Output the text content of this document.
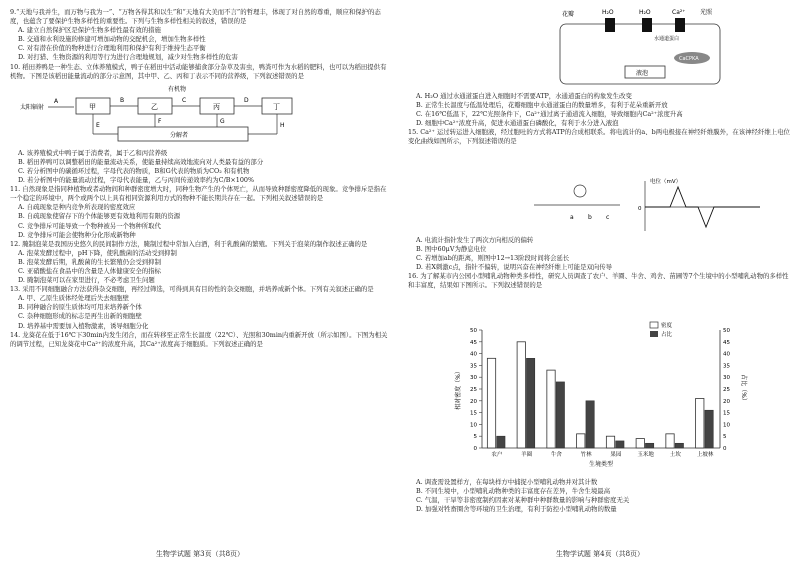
9.“天地与我并生，而万物与我为一”、“万物各得其和以生”和“天地有大美而不言”的哲理丰，体现了对自然的尊重，顺应和保护的态度，也蕴含了要保护生物多样性的重要性。下列与生物多样性相关的叙述，错误的是

A. 建立自然保护区是保护生物多样性最有效的措施
B. 交通和水利设施的修建可增加动物的交配机会，增加生物多样性
C. 对有潜在价值的物种进行合理地利用和保护有利于维持生态平衡
D. 对打猎、生物资源的利用等行为进行合理地规划，减少对生物多样性的危害

10. 稻田养鸭是一种生态、立体养殖模式，鸭子在稻田中活动能够捕食部分杂草及害虫，鸭粪可作为水稻的肥料，也可以为稻田提供有机物。下图是该稻田能量流动的部分示意图，其中甲、乙、丙和丁表示不同的营养级，下列叙述错误的是

太阳辐射
A
甲
B
乙
C
丙
D
丁
有机物
分解者
E
F	G
H
A. 该养殖模式中鸭子属于消费者，属于乙和丙营养级
B. 稻田养鸭可以调整稻田的能量流动关系，使能量持续高效地流向对人类最有益的部分
C. 若分析图中的碳循环过程，字母代表的物质，B和G代表的物质为CO₂ 和有机物
D. 若分析图中的能量流动过程，字母代表能量，乙与丙间传递效率约为C/B×100%

11. 自然现象是指同种植物或者动物间和种群密度增大时，同种生物产生的个体死亡，从而导致种群密度降低的现象。竞争排斥是指在一个稳定的环境中，两个或两个以上具有相同资源利用方式的物种不能长期共存在一起。下列相关叙述错误的是

A. 自疏现象是种内竞争所表现的密度效应
B. 自疏现象使留存下的个体能够更有效地利用有限的资源
C. 竞争排斥可能导致一个物种被另一个物种所取代
D. 竞争排斥可能会使物种分化形成新物种

12. 腌制泡菜是我国历史悠久的民间制作方法，腌制过程中常加入白酒，利于乳酸菌的繁殖。下列关于泡菜的制作叙述正确的是

A. 泡菜发酵过程中，pH下降，使乳酸菌的活动受到抑制
B. 泡菜发酵后期，乳酸菌的生长繁殖仍会受到抑制
C. 亚硝酸盐在食品中的含量是人体健康安全的指标
D. 腌制泡菜可以在家里进行，不必考虑卫生问题

13. 采用不同细胞融合方法获得杂交细胞，再经过筛选，可得到具有目的性的杂交细胞，并培养成新个体。下列有关叙述正确的是

A. 甲、乙原生质体经处理后失去细胞壁
B. 同种融合的原生质体均可用来培养新个体
C. 杂种细胞形成的标志是再生出新的细胞壁
D. 培养基中需要加入植物激素，诱导细胞分化

14. 龙葵花在低于16℃下30min内发生闭合，而在转移至正常生长温度（22℃）、光照和30min内重新开放（所示如图）。下图为相关的调节过程，已知龙葵花中Ca²⁺的浓度升高，其Ca²⁺浓度高于细胞质。下列叙述正确的是

生物学试题 第3页（共8页）
花瓣	H₂O	H₂O	Ca²⁺
水通道蛋白
光照
CaCPKA
液泡
A. H₂O 通过水通道蛋白进入细胞时不需要ATP，水通道蛋白的构象发生改变
B. 正常生长温度与低温处理后，花瓣细胞中水通道蛋白的数量增多，有利于花朵重新开放
C. 在16℃低温下，22℃光照条件下，Ca²⁺通过离子通道流入细胞，导致细胞内Ca²⁺浓度升高
D. 细胞中Ca²⁺浓度升高，促进水通道蛋白磷酸化，有利于水分进入液泡

15. Ca²⁺ 运过转运进入细胞液，经过胞吐的方式将ATP的合成相联系。将电流计的a、b两电极接在神经纤维膜外，在该神经纤维上电位变化曲线如图所示，下列叙述错误的是

a b c
电位（mV）
0
A. 电流计指针发生了两次方向相反的偏转
B. 图中60μV为静息电位
C. 若增加ab的距离，则图中12→13阶段时间将会延长
D. 若X刺激c点，指针不偏转，说明兴奋在神经纤维上可能是双向传导

16. 为了解某市内公园小型哺乳动物种类多样性，研究人员调查了农户、羊圈、牛舍、鸡舍、苗圃等7个生境中的小型哺乳动物的多样性和丰富度，结果如下图所示。下列叙述错误的是

0	0
5	5
10	10
15	15
20	20
25	25
30	30
35	35
40	40
45	45
50	50
农户	羊圈	牛舍	竹林	果园	玉米地	土坎	上坡林
生境类型
相对密度（%）	占比（%）
密度
占比
A. 调查需设置样方，在每块样方中捕捉小型哺乳动物并对其计数
B. 不同生境中，小型哺乳动物种类的丰富度存在差异，牛舍生境最高
C. 气温，干旱等非密度制约因素对某种群中种群数量的影响与种群密度无关
D. 加强对牲畜圈舍等环境的卫生治理，有利于防控小型哺乳动物的数量
生物学试题 第4页（共8页）
